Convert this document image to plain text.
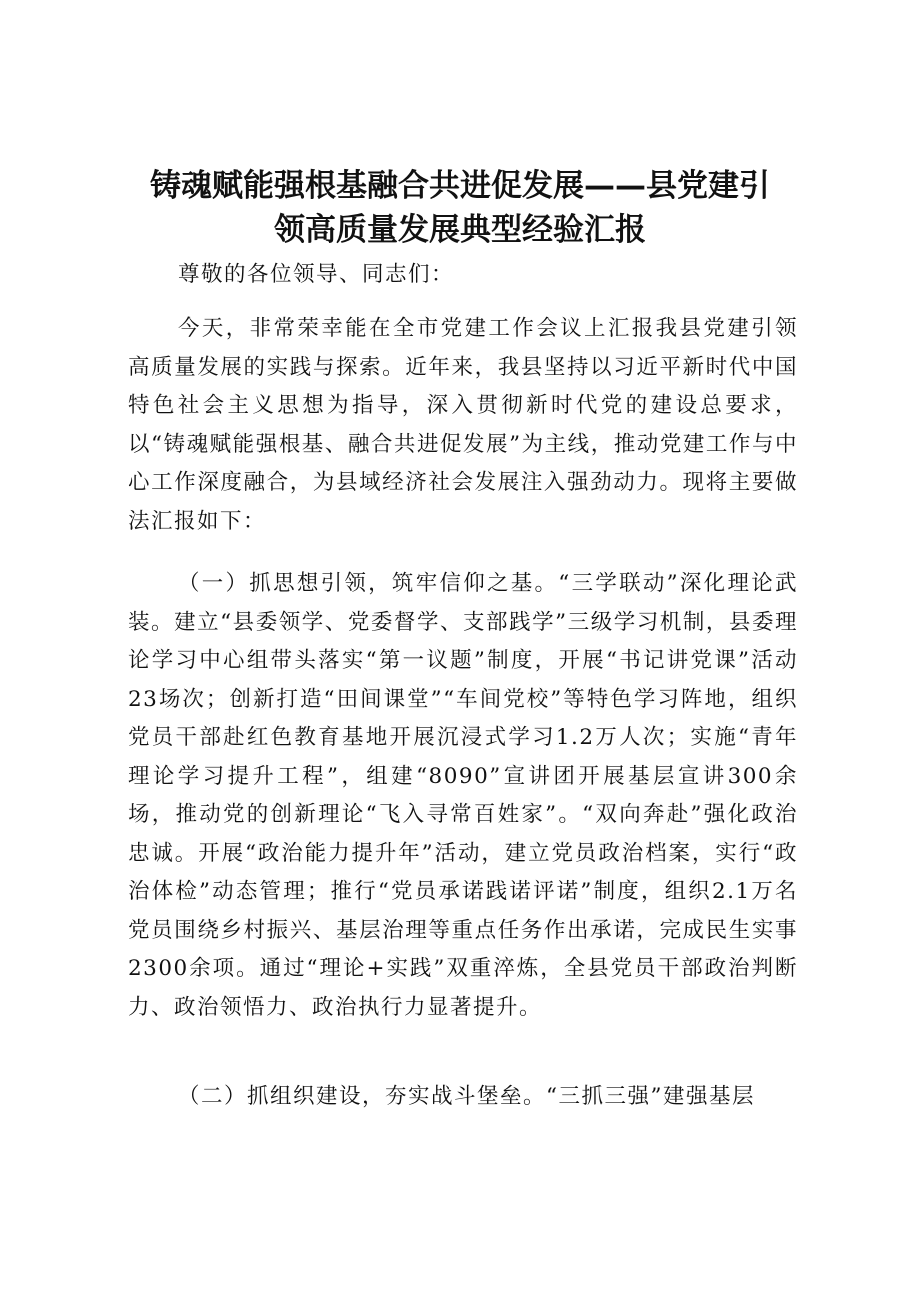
铸魂赋能强根基融合共进促发展——县党建引
领高质量发展典型经验汇报

尊敬的各位领导、同志们：

今天，非常荣幸能在全市党建工作会议上汇报我县党建引领高质量发展的实践与探索。近年来，我县坚持以习近平新时代中国特色社会主义思想为指导，深入贯彻新时代党的建设总要求，以“铸魂赋能强根基、融合共进促发展”为主线，推动党建工作与中心工作深度融合，为县域经济社会发展注入强劲动力。现将主要做法汇报如下：

（一）抓思想引领，筑牢信仰之基。“三学联动”深化理论武装。建立“县委领学、党委督学、支部践学”三级学习机制，县委理论学习中心组带头落实“第一议题”制度，开展“书记讲党课”活动23场次；创新打造“田间课堂”“车间党校”等特色学习阵地，组织党员干部赴红色教育基地开展沉浸式学习1.2万人次；实施“青年理论学习提升工程”，组建“8090”宣讲团开展基层宣讲300余场，推动党的创新理论“飞入寻常百姓家”。“双向奔赴”强化政治忠诚。开展“政治能力提升年”活动，建立党员政治档案，实行“政治体检”动态管理；推行“党员承诺践诺评诺”制度，组织2.1万名党员围绕乡村振兴、基层治理等重点任务作出承诺，完成民生实事2300余项。通过“理论+实践”双重淬炼，全县党员干部政治判断力、政治领悟力、政治执行力显著提升。

（二）抓组织建设，夯实战斗堡垒。“三抓三强”建强基层
